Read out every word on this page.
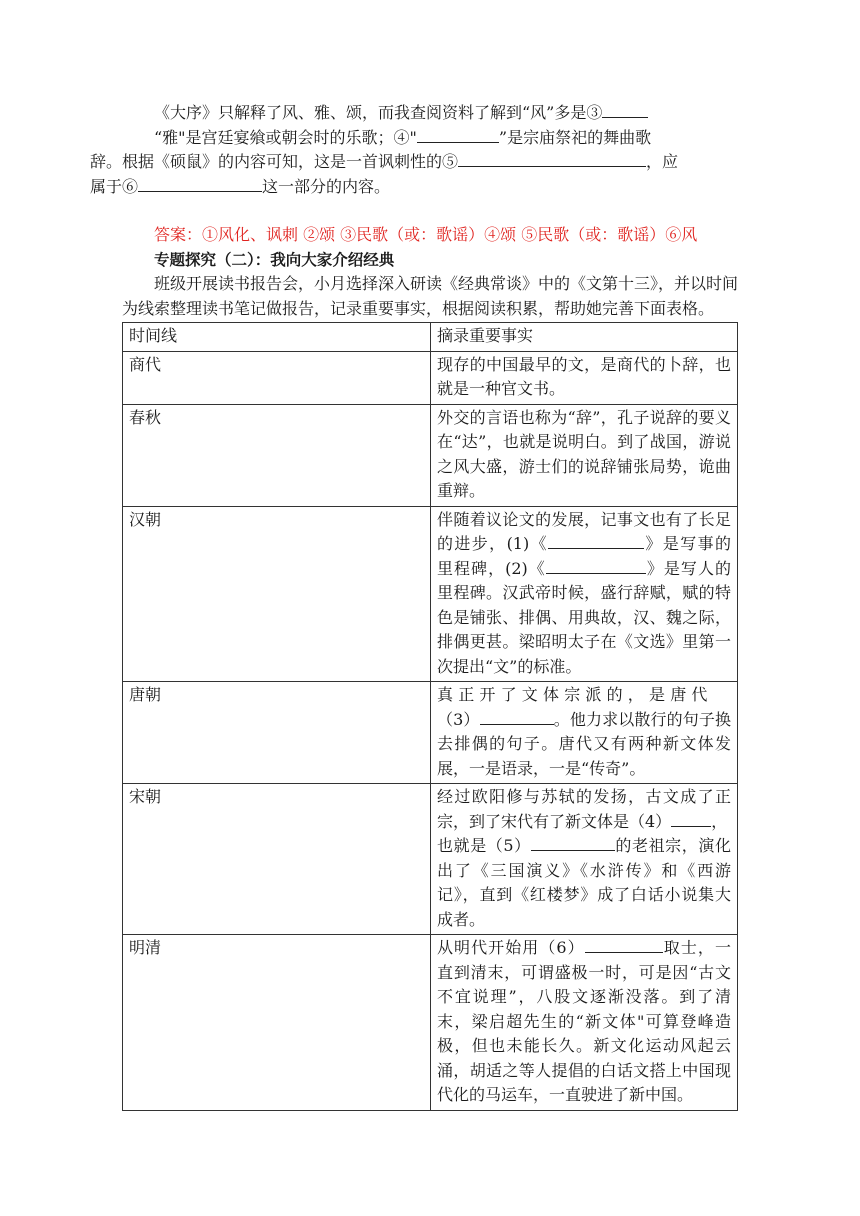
《大序》只解释了风、雅、颂，而我查阅资料了解到“风”多是③
“雅"是宫廷宴飨或朝会时的乐歌；④"	”是宗庙祭祀的舞曲歌
辞。根据《硕鼠》的内容可知，这是一首讽刺性的⑤	，应
属于⑥	这一部分的内容。

答案：①风化、讽刺 ②颂 ③民歌（或：歌谣）④颂 ⑤民歌（或：歌谣）⑥风

专题探究（二）：我向大家介绍经典

班级开展读书报告会，小月选择深入研读《经典常谈》中的《文第十三》，并以时间为线索整理读书笔记做报告，记录重要事实，根据阅读积累，帮助她完善下面表格。

时间线	摘录重要事实
商代	现存的中国最早的文，是商代的卜辞，也就是一种官文书。
春秋	外交的言语也称为“辞”，孔子说辞的要义在“达”，也就是说明白。到了战国，游说之风大盛，游士们的说辞铺张局势，诡曲重辩。
汉朝	伴随着议论文的发展，记事文也有了长足的进步，(1)《 》是写事的里程碑，(2)《 》是写人的里程碑。汉武帝时候，盛行辞赋，赋的特色是铺张、排偶、用典故，汉、魏之际，排偶更甚。梁昭明太子在《文选》里第一次提出“文”的标准。
唐朝	真正开了文体宗派的，是唐代
（3） 。他力求以散行的句子换去排偶的句子。唐代又有两种新文体发展，一是语录，一是“传奇”。
宋朝	经过欧阳修与苏轼的发扬，古文成了正宗，到了宋代有了新文体是（4） ，
也就是（5） 的老祖宗，演化出了《三国演义》《水浒传》和《西游记》，直到《红楼梦》成了白话小说集大成者。
明清	从明代开始用（6） 取士，一直到清末，可谓盛极一时，可是因“古文不宜说理”，八股文逐渐没落。到了清末，梁启超先生的“新文体"可算登峰造极，但也未能长久。新文化运动风起云涌，胡适之等人提倡的白话文搭上中国现代化的马运车，一直驶进了新中国。
